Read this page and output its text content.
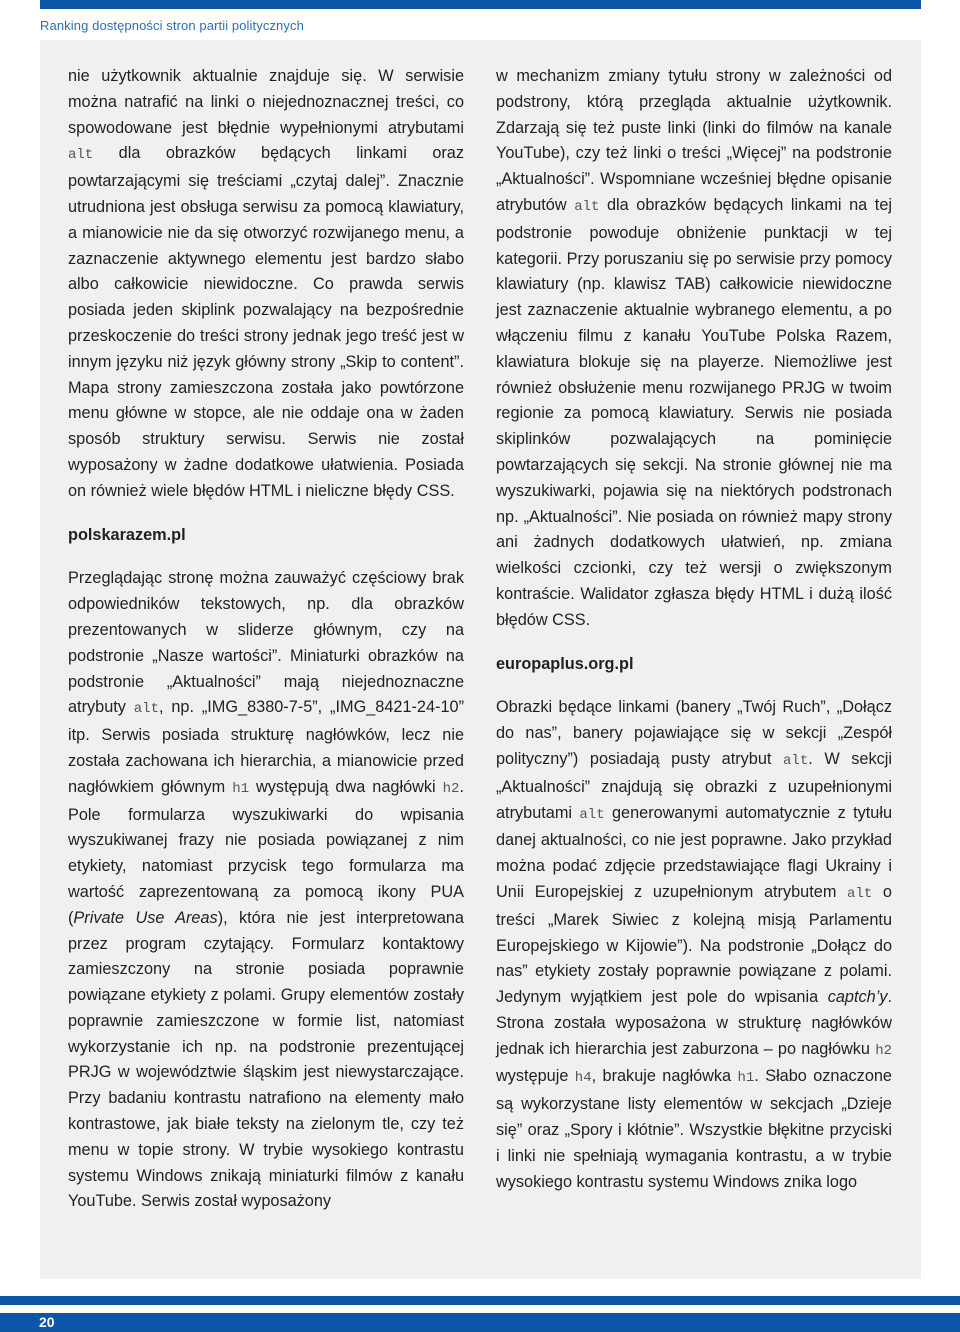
Ranking dostępności stron partii politycznych

nie użytkownik aktualnie znajduje się. W serwisie można natrafić na linki o niejednoznacznej treści, co spowodowane jest błędnie wypełnionymi atrybutami alt dla obrazków będących linkami oraz powtarzającymi się treściami „czytaj dalej”. Znacznie utrudniona jest obsługa serwisu za pomocą klawiatury, a mianowicie nie da się otworzyć rozwijanego menu, a zaznaczenie aktywnego elementu jest bardzo słabo albo całkowicie niewidoczne. Co prawda serwis posiada jeden skiplink pozwalający na bezpośrednie przeskoczenie do treści strony jednak jego treść jest w innym języku niż język główny strony „Skip to content”. Mapa strony zamieszczona została jako powtórzone menu główne w stopce, ale nie oddaje ona w żaden sposób struktury serwisu. Serwis nie został wyposażony w żadne dodatkowe ułatwienia. Posiada on również wiele błędów HTML i nieliczne błędy CSS.

polskarazem.pl

Przeglądając stronę można zauważyć częściowy brak odpowiedników tekstowych, np. dla obrazków prezentowanych w sliderze głównym, czy na podstronie „Nasze wartości”. Miniaturki obrazków na podstronie „Aktualności” mają niejednoznaczne atrybuty alt, np. „IMG_8380-7-5”, „IMG_8421-24-10” itp. Serwis posiada strukturę nagłówków, lecz nie została zachowana ich hierarchia, a mianowicie przed nagłówkiem głównym h1 występują dwa nagłówki h2. Pole formularza wyszukiwarki do wpisania wyszukiwanej frazy nie posiada powiązanej z nim etykiety, natomiast przycisk tego formularza ma wartość zaprezentowaną za pomocą ikony PUA (Private Use Areas), która nie jest interpretowana przez program czytający. Formularz kontaktowy zamieszczony na stronie posiada poprawnie powiązane etykiety z polami. Grupy elementów zostały poprawnie zamieszczone w formie list, natomiast wykorzystanie ich np. na podstronie prezentującej PRJG w województwie śląskim jest niewystarczające. Przy badaniu kontrastu natrafiono na elementy mało kontrastowe, jak białe teksty na zielonym tle, czy też menu w topie strony. W trybie wysokiego kontrastu systemu Windows znikają miniaturki filmów z kanału YouTube. Serwis został wyposażony

w mechanizm zmiany tytułu strony w zależności od podstrony, którą przegląda aktualnie użytkownik. Zdarzają się też puste linki (linki do filmów na kanale YouTube), czy też linki o treści „Więcej” na podstronie „Aktualności”. Wspomniane wcześniej błędne opisanie atrybutów alt dla obrazków będących linkami na tej podstronie powoduje obniżenie punktacji w tej kategorii. Przy poruszaniu się po serwisie przy pomocy klawiatury (np. klawisz TAB) całkowicie niewidoczne jest zaznaczenie aktualnie wybranego elementu, a po włączeniu filmu z kanału YouTube Polska Razem, klawiatura blokuje się na playerze. Niemożliwe jest również obsłużenie menu rozwijanego PRJG w twoim regionie za pomocą klawiatury. Serwis nie posiada skiplinków pozwalających na pominięcie powtarzających się sekcji. Na stronie głównej nie ma wyszukiwarki, pojawia się na niektórych podstronach np. „Aktualności”. Nie posiada on również mapy strony ani żadnych dodatkowych ułatwień, np. zmiana wielkości czcionki, czy też wersji o zwiększonym kontraście. Walidator zgłasza błędy HTML i dużą ilość błędów CSS.

europaplus.org.pl

Obrazki będące linkami (banery „Twój Ruch”, „Dołącz do nas”, banery pojawiające się w sekcji „Zespół polityczny”) posiadają pusty atrybut alt. W sekcji „Aktualności” znajdują się obrazki z uzupełnionymi atrybutami alt generowanymi automatycznie z tytułu danej aktualności, co nie jest poprawne. Jako przykład można podać zdjęcie przedstawiające flagi Ukrainy i Unii Europejskiej z uzupełnionym atrybutem alt o treści „Marek Siwiec z kolejną misją Parlamentu Europejskiego w Kijowie”). Na podstronie „Dołącz do nas” etykiety zostały poprawnie powiązane z polami. Jedynym wyjątkiem jest pole do wpisania captch’y. Strona została wyposażona w strukturę nagłówków jednak ich hierarchia jest zaburzona – po nagłówku h2 występuje h4, brakuje nagłówka h1. Słabo oznaczone są wykorzystane listy elementów w sekcjach „Dzieje się” oraz „Spory i kłótnie”. Wszystkie błękitne przyciski i linki nie spełniają wymagania kontrastu, a w trybie wysokiego kontrastu systemu Windows znika logo

20
